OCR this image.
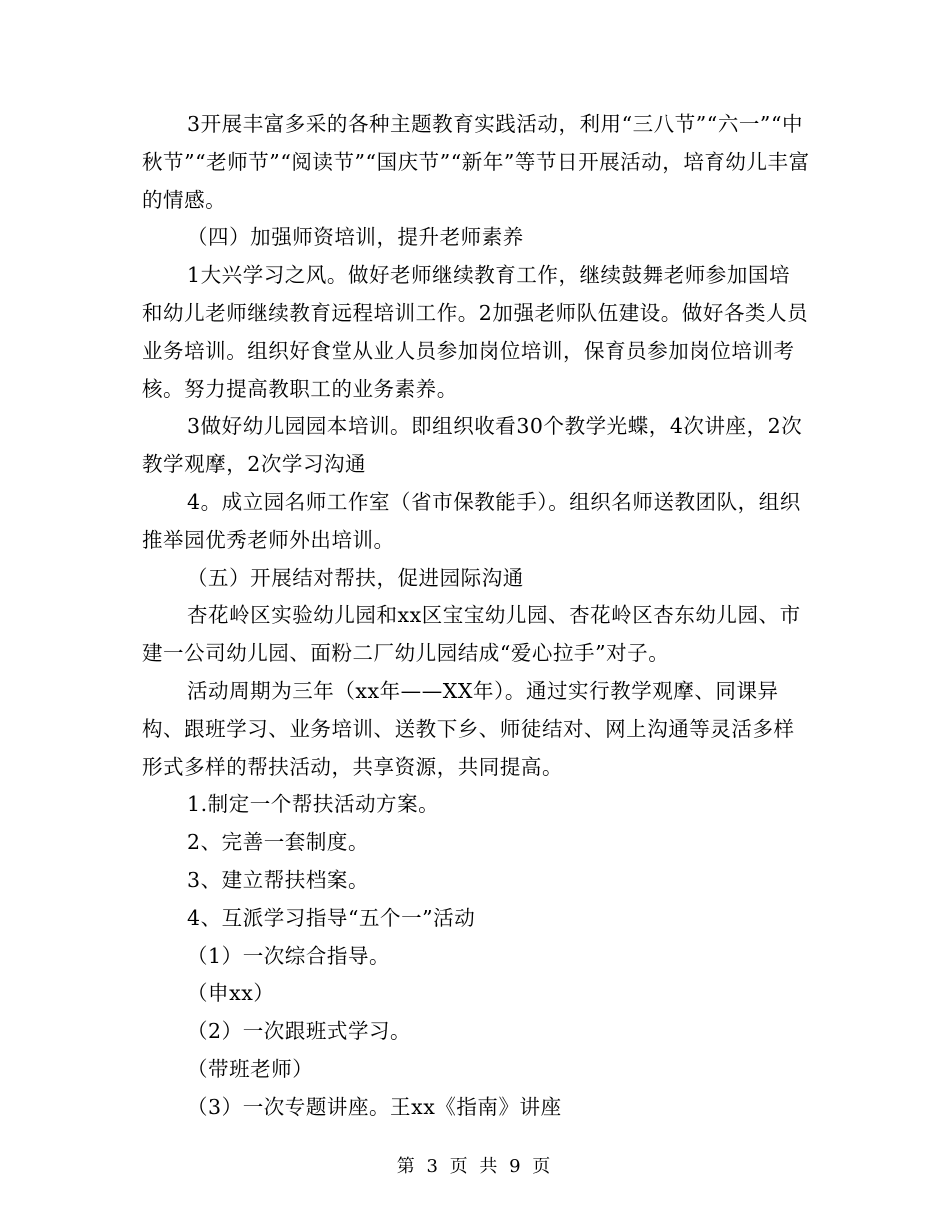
3开展丰富多采的各种主题教育实践活动，利用“三八节”“六一”“中秋节”“老师节”“阅读节”“国庆节”“新年”等节日开展活动，培育幼儿丰富的情感。

（四）加强师资培训，提升老师素养

1大兴学习之风。做好老师继续教育工作，继续鼓舞老师参加国培和幼儿老师继续教育远程培训工作。2加强老师队伍建设。做好各类人员业务培训。组织好食堂从业人员参加岗位培训，保育员参加岗位培训考核。努力提高教职工的业务素养。

3做好幼儿园园本培训。即组织收看30个教学光蝶，4次讲座，2次教学观摩，2次学习沟通

4。成立园名师工作室（省市保教能手）。组织名师送教团队，组织推举园优秀老师外出培训。

（五）开展结对帮扶，促进园际沟通

杏花岭区实验幼儿园和xx区宝宝幼儿园、杏花岭区杏东幼儿园、市建一公司幼儿园、面粉二厂幼儿园结成“爱心拉手”对子。

活动周期为三年（xx年——XX年）。通过实行教学观摩、同课异构、跟班学习、业务培训、送教下乡、师徒结对、网上沟通等灵活多样形式多样的帮扶活动，共享资源，共同提高。

1.制定一个帮扶活动方案。

2、完善一套制度。

3、建立帮扶档案。

4、互派学习指导“五个一”活动

（1）一次综合指导。

（申xx）

（2）一次跟班式学习。

（带班老师）

（3）一次专题讲座。王xx《指南》讲座

第 3 页 共 9 页
